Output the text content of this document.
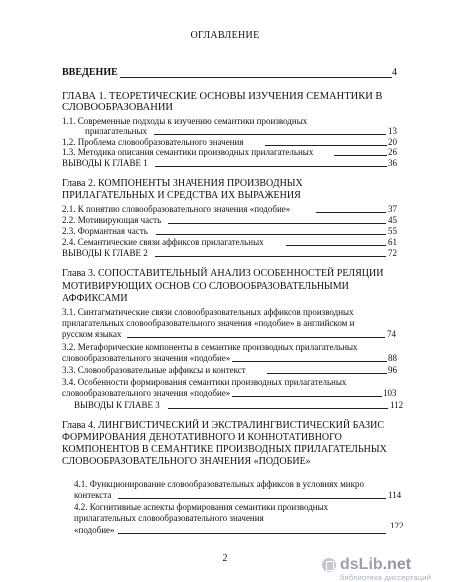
ОГЛАВЛЕНИЕ
ВВЕДЕНИЕ	4
ГЛАВА 1. ТЕОРЕТИЧЕСКИЕ ОСНОВЫ ИЗУЧЕНИЯ СЕМАНТИКИ В
СЛОВООБРАЗОВАНИИ
1.1. Современные подходы к изучению семантики производных
прилагательных	13
1.2. Проблема словообразовательного значения	20
1.3. Методика описания семантики производных прилагательных	26
ВЫВОДЫ К ГЛАВЕ 1	36
Глава 2. КОМПОНЕНТЫ ЗНАЧЕНИЯ ПРОИЗВОДНЫХ
ПРИЛАГАТЕЛЬНЫХ И СРЕДСТВА ИХ ВЫРАЖЕНИЯ
2.1. К понятию словообразовательного значения «подобие»	37
2.2. Мотивирующая часть	45
2.3. Формантная часть	55
2.4. Семантические связи аффиксов прилагательных	61
ВЫВОДЫ К ГЛАВЕ 2	72
Глава 3. СОПОСТАВИТЕЛЬНЫЙ АНАЛИЗ ОСОБЕННОСТЕЙ РЕЛЯЦИИ
МОТИВИРУЮЩИХ ОСНОВ СО СЛОВООБРАЗОВАТЕЛЬНЫМИ
АФФИКСАМИ
3.1. Синтагматические связи словообразовательных аффиксов производных
прилагательных словообразовательного значения «подобие» в английском и
русском языках	74
3.2. Метафорические компоненты в семантике производных прилагательных
словообразовательного значения «подобие»	88
3.3. Словообразовательные аффиксы и контекст	96
3.4. Особенности формирования семантики производных прилагательных
словообразовательного значения «подобие»	103
ВЫВОДЫ К ГЛАВЕ 3	112
Глава 4. ЛИНГВИСТИЧЕСКИЙ И ЭКСТРАЛИНГВИСТИЧЕСКИЙ БАЗИС
ФОРМИРОВАНИЯ ДЕНОТАТИВНОГО И КОННОТАТИВНОГО
КОМПОНЕНТОВ В СЕМАНТИКЕ ПРОИЗВОДНЫХ ПРИЛАГАТЕЛЬНЫХ
СЛОВООБРАЗОВАТЕЛЬНОГО ЗНАЧЕНИЯ «ПОДОБИЕ»
4.1. Функционирование словообразовательных аффиксов в условиях микро
контекста	114
4.2. Когнитивные аспекты формирования семантики производных
прилагательных словообразовательного значения
«подобие»	122
2	dsLib.net
библиотека диссертаций
